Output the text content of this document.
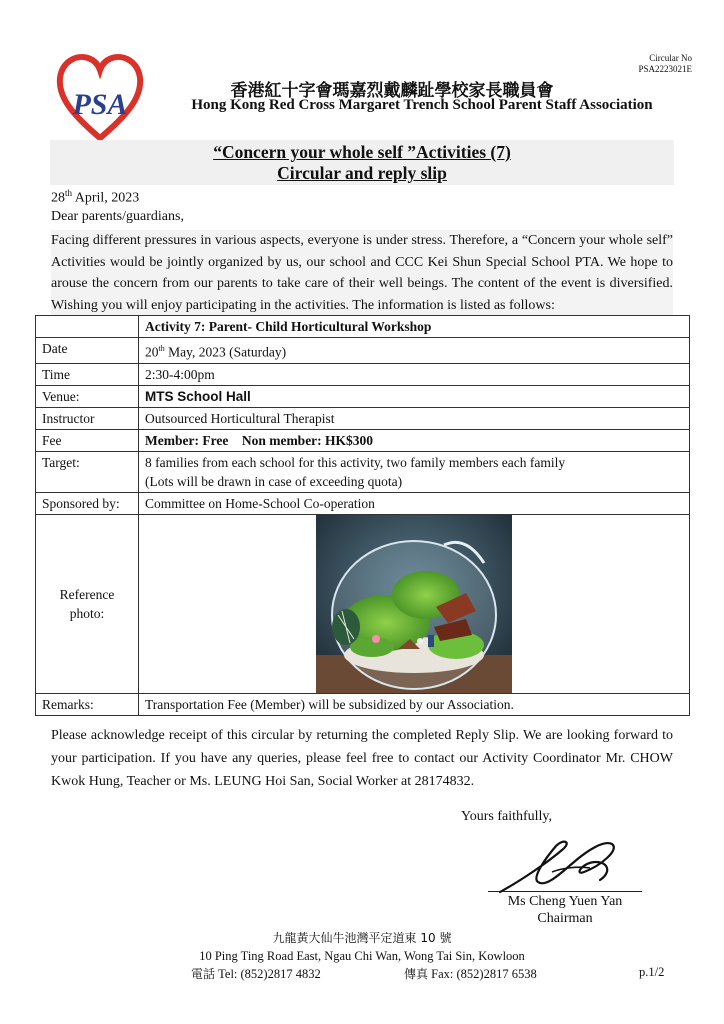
PSA
Circular No
PSA2223021E
香港紅十字會瑪嘉烈戴麟趾學校家長職員會
Hong Kong Red Cross Margaret Trench School Parent Staff Association
“Concern your whole self ”Activities (7)
Circular and reply slip
28th April, 2023
Dear parents/guardians,
Facing different pressures in various aspects, everyone is under stress. Therefore, a “Concern your whole self” Activities would be jointly organized by us, our school and CCC Kei Shun Special School PTA. We hope to arouse the concern from our parents to take care of their well beings. The content of the event is diversified. Wishing you will enjoy participating in the activities. The information is listed as follows:
	Activity 7: Parent- Child Horticultural Workshop
Date	20th May, 2023 (Saturday)
Time	2:30-4:00pm
Venue:	MTS School Hall
Instructor	Outsourced Horticultural Therapist
Fee	Member: Free    Non member: HK$300
Target:	8 families from each school for this activity, two family members each family
(Lots will be drawn in case of exceeding quota)

Sponsored by:	Committee on Home-School Co-operation

Reference
photo:

Remarks:	Transportation Fee (Member) will be subsidized by our Association.
Please acknowledge receipt of this circular by returning the completed Reply Slip. We are looking forward to your participation. If you have any queries, please feel free to contact our Activity Coordinator Mr. CHOW Kwok Hung, Teacher or Ms. LEUNG Hoi San, Social Worker at 28174832.
Yours faithfully,
Ms Cheng Yuen Yan
Chairman
九龍黃大仙牛池灣平定道東 10 號
10 Ping Ting Road East, Ngau Chi Wan, Wong Tai Sin, Kowloon
電話 Tel: (852)2817 4832	傳真 Fax: (852)2817 6538	p.1/2
